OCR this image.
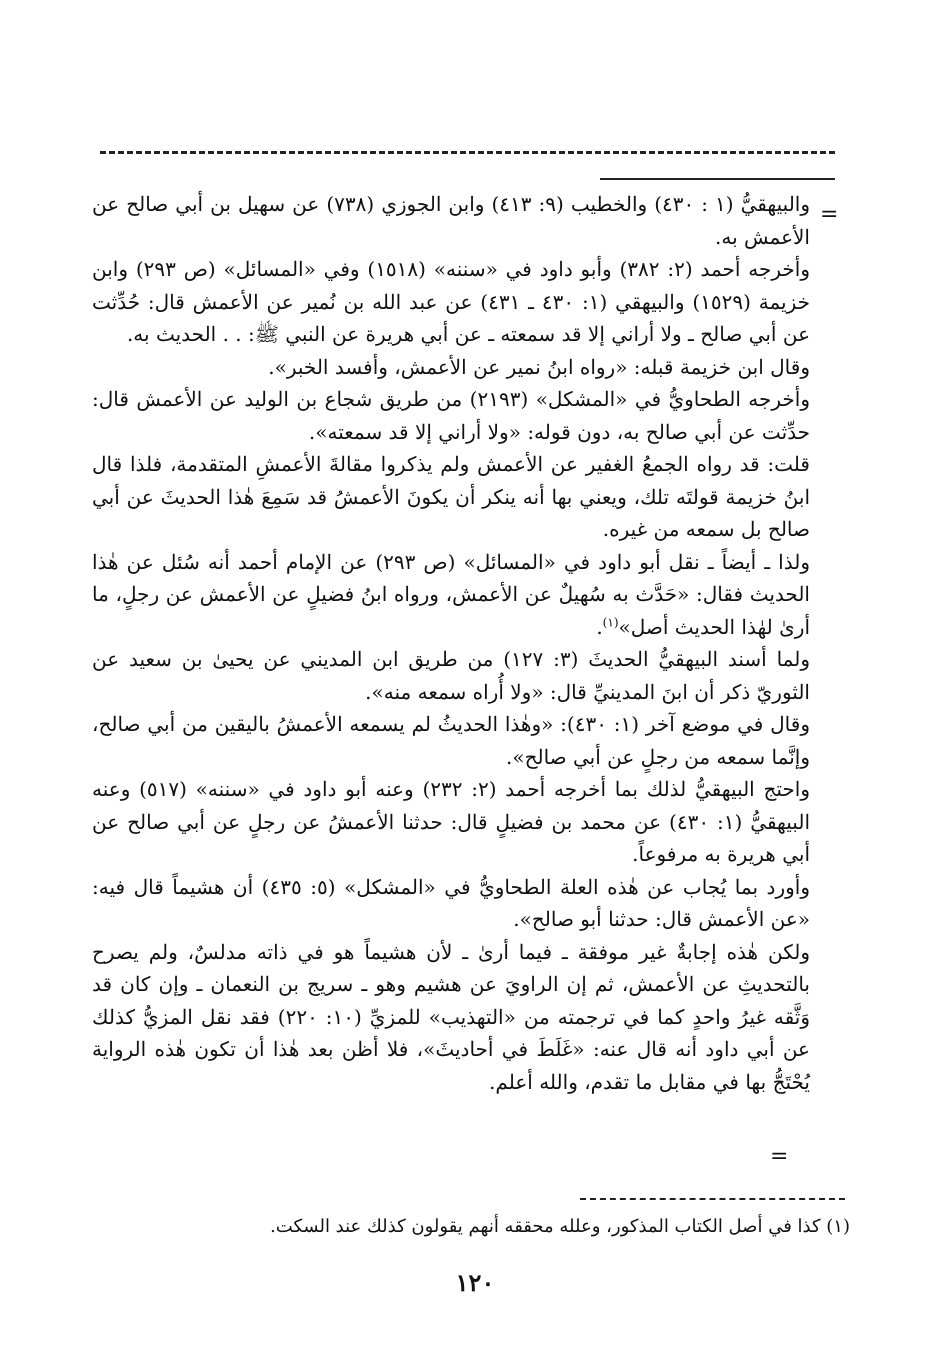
=

والبيهقيُّ (١ : ٤٣٠) والخطيب (٩: ٤١٣) وابن الجوزي (٧٣٨) عن سهيل بن أبي صالح عن الأعمش به.

وأخرجه أحمد (٢: ٣٨٢) وأبو داود في «سننه» (١٥١٨) وفي «المسائل» (ص ٢٩٣) وابن خزيمة (١٥٢٩) والبيهقي (١: ٤٣٠ ـ ٤٣١) عن عبد الله بن نُمير عن الأعمش قال: حُدِّثت عن أبي صالح ـ ولا أراني إلا قد سمعته ـ عن أبي هريرة عن النبي ﷺ: . . الحديث به.

وقال ابن خزيمة قبله: «رواه ابنُ نمير عن الأعمش، وأفسد الخبر».

وأخرجه الطحاويُّ في «المشكل» (٢١٩٣) من طريق شجاع بن الوليد عن الأعمش قال: حدِّثت عن أبي صالح به، دون قوله: «ولا أراني إلا قد سمعته».

قلت: قد رواه الجمعُ الغفير عن الأعمش ولم يذكروا مقالةَ الأعمشِ المتقدمة، فلذا قال ابنُ خزيمة قولتَه تلك، ويعني بها أنه ينكر أن يكونَ الأعمشُ قد سَمِعَ هٰذا الحديثَ عن أبي صالح بل سمعه من غيره.

ولذا ـ أيضاً ـ نقل أبو داود في «المسائل» (ص ٢٩٣) عن الإمام أحمد أنه سُئل عن هٰذا الحديث فقال: «حَدَّث به سُهيلٌ عن الأعمش، ورواه ابنُ فضيلٍ عن الأعمش عن رجلٍ، ما أرىٰ لهٰذا الحديث أصل»$^{(١)}$.

ولما أسند البيهقيُّ الحديثَ (٣: ١٢٧) من طريق ابن المديني عن يحيىٰ بن سعيد عن الثوريّ ذكر أن ابنَ المدينيِّ قال: «ولا أُراه سمعه منه».

وقال في موضع آخر (١: ٤٣٠): «وهٰذا الحديثُ لم يسمعه الأعمشُ باليقين من أبي صالح، وإنَّما سمعه من رجلٍ عن أبي صالح».

واحتج البيهقيُّ لذلك بما أخرجه أحمد (٢: ٢٣٢) وعنه أبو داود في «سننه» (٥١٧) وعنه البيهقيُّ (١: ٤٣٠) عن محمد بن فضيلٍ قال: حدثنا الأعمشُ عن رجلٍ عن أبي صالح عن أبي هريرة به مرفوعاً.

وأورد بما يُجاب عن هٰذه العلة الطحاويُّ في «المشكل» (٥: ٤٣٥) أن هشيماً قال فيه: «عن الأعمش قال: حدثنا أبو صالح».

ولكن هٰذه إجابةٌ غير موفقة ـ فيما أرىٰ ـ لأن هشيماً هو في ذاته مدلسٌ، ولم يصرح بالتحديثِ عن الأعمش، ثم إن الراويَ عن هشيم وهو ـ سريج بن النعمان ـ وإن كان قد وَثَّقه غيرُ واحدٍ كما في ترجمته من «التهذيب» للمزيِّ (١٠: ٢٢٠) فقد نقل المزيُّ كذلك عن أبي داود أنه قال عنه: «غَلَطَ في أحاديثَ»، فلا أظن بعد هٰذا أن تكون هٰذه الرواية يُحْتَجُّ بها في مقابل ما تقدم، والله أعلم.

=
(١) كذا في أصل الكتاب المذكور، وعلله محققه أنهم يقولون كذلك عند السكت.
١٢٠
